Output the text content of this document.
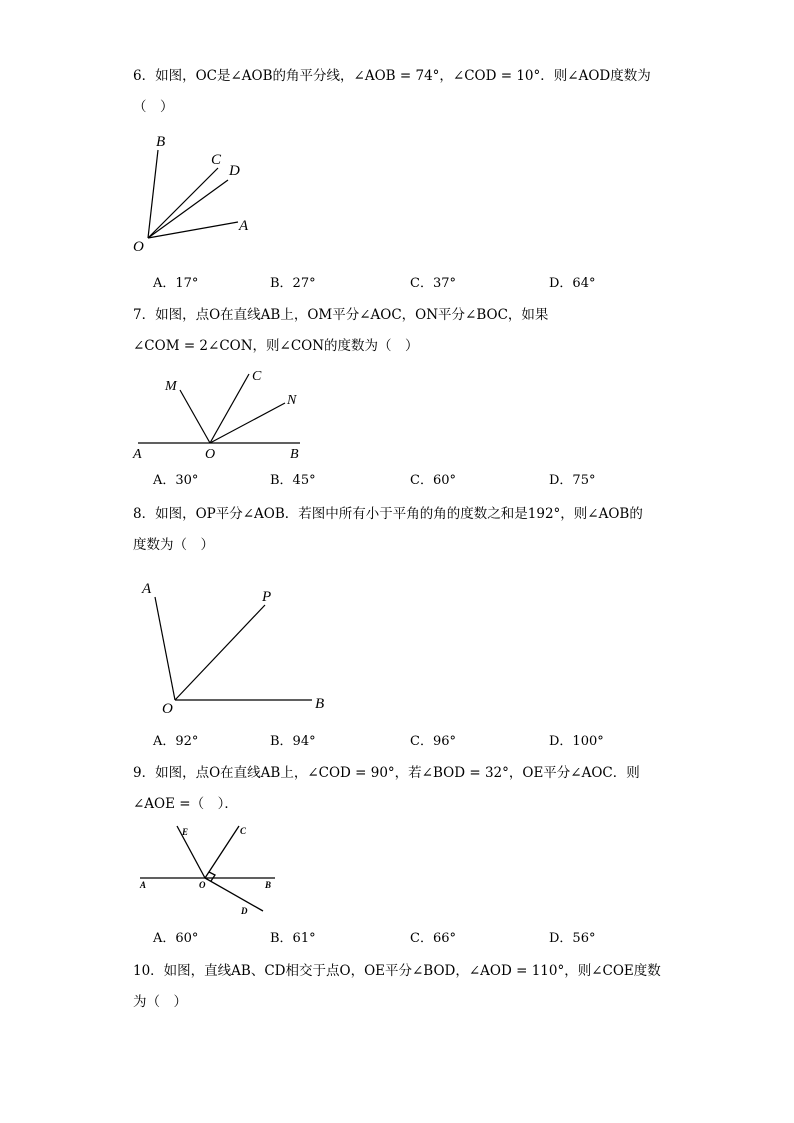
6．如图，OC是∠AOB的角平分线，∠AOB = 74°，∠COD = 10°．则∠AOD度数为
（　）
B
C
D
A
O
A．17°	B．27°	C．37°	D．64°
7．如图，点O在直线AB上，OM平分∠AOC，ON平分∠BOC，如果
∠COM = 2∠CON，则∠CON的度数为（　）
M
C
N
A	O	B
A．30°	B．45°	C．60°	D．75°
8．如图，OP平分∠AOB．若图中所有小于平角的角的度数之和是192°，则∠AOB的
度数为（　）
A	P
O	B
A．92°	B．94°	C．96°	D．100°
9．如图，点O在直线AB上，∠COD = 90°，若∠BOD = 32°，OE平分∠AOC．则
∠AOE =（　）．
E	C
A	O	B
D
A．60°	B．61°	C．66°	D．56°
10．如图，直线AB、CD相交于点O，OE平分∠BOD，∠AOD = 110°，则∠COE度数
为（　）
